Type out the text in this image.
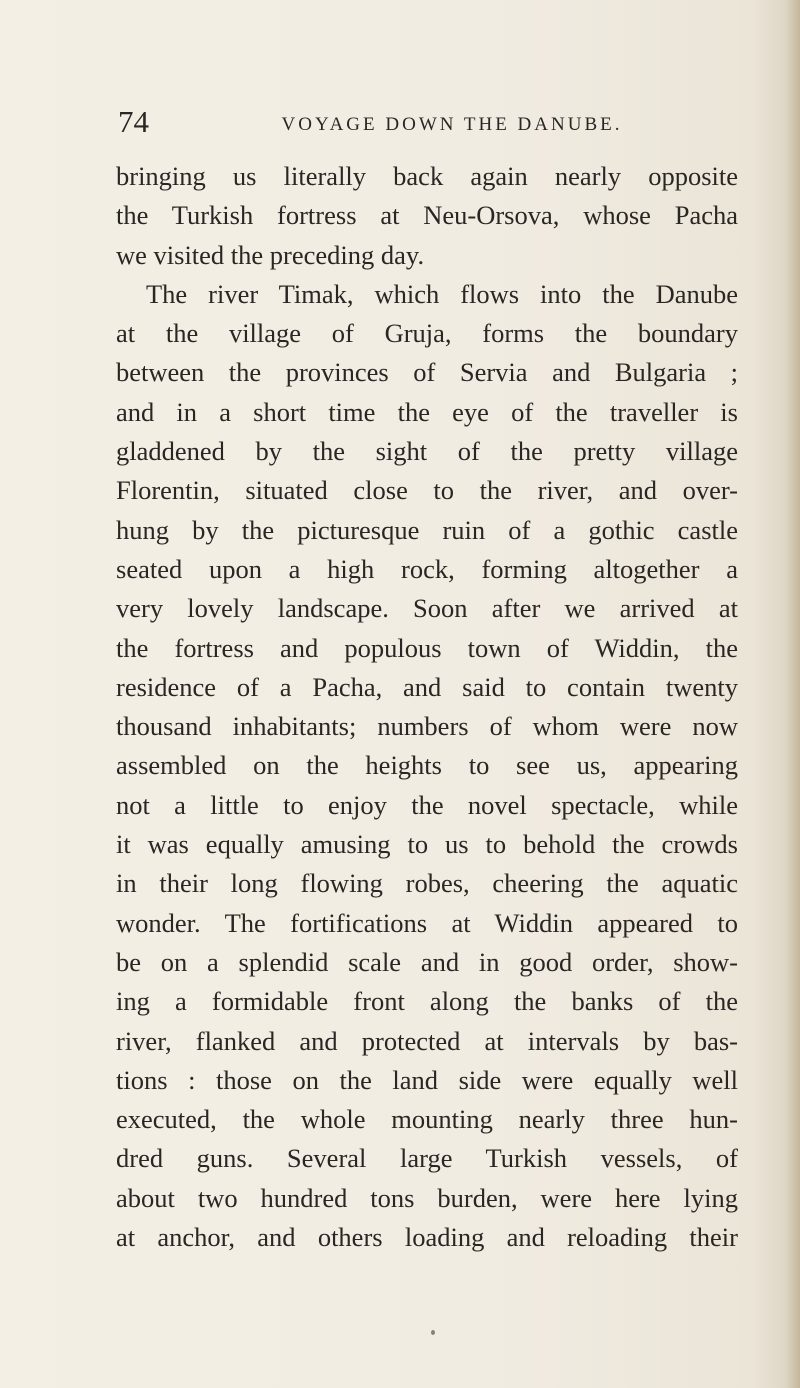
74	VOYAGE DOWN THE DANUBE.
bringing us literally back again nearly opposite
the Turkish fortress at Neu-Orsova, whose Pacha
we visited the preceding day.
The river Timak, which flows into the Danube
at the village of Gruja, forms the boundary
between the provinces of Servia and Bulgaria ;
and in a short time the eye of the traveller is
gladdened by the sight of the pretty village
Florentin, situated close to the river, and over-
hung by the picturesque ruin of a gothic castle
seated upon a high rock, forming altogether a
very lovely landscape. Soon after we arrived at
the fortress and populous town of Widdin, the
residence of a Pacha, and said to contain twenty
thousand inhabitants; numbers of whom were now
assembled on the heights to see us, appearing
not a little to enjoy the novel spectacle, while
it was equally amusing to us to behold the crowds
in their long flowing robes, cheering the aquatic
wonder. The fortifications at Widdin appeared to
be on a splendid scale and in good order, show-
ing a formidable front along the banks of the
river, flanked and protected at intervals by bas-
tions : those on the land side were equally well
executed, the whole mounting nearly three hun-
dred guns. Several large Turkish vessels, of
about two hundred tons burden, were here lying
at anchor, and others loading and reloading their
